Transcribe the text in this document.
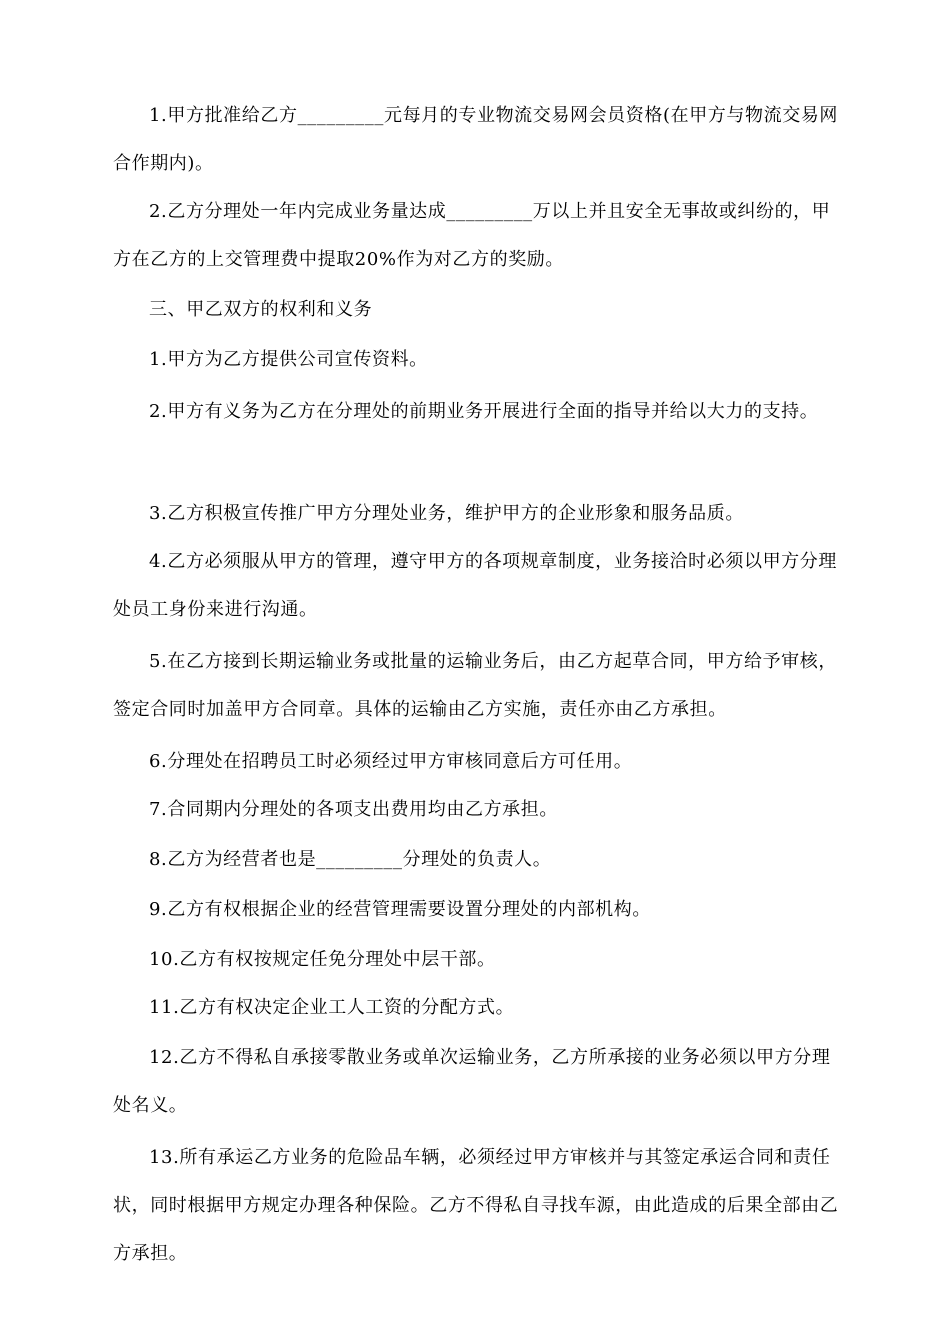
1.甲方批准给乙方_________元每月的专业物流交易网会员资格(在甲方与物流交易网合作期内)。

2.乙方分理处一年内完成业务量达成_________万以上并且安全无事故或纠纷的，甲方在乙方的上交管理费中提取20%作为对乙方的奖励。

三、甲乙双方的权利和义务

1.甲方为乙方提供公司宣传资料。

2.甲方有义务为乙方在分理处的前期业务开展进行全面的指导并给以大力的支持。

3.乙方积极宣传推广甲方分理处业务，维护甲方的企业形象和服务品质。

4.乙方必须服从甲方的管理，遵守甲方的各项规章制度，业务接洽时必须以甲方分理处员工身份来进行沟通。

5.在乙方接到长期运输业务或批量的运输业务后，由乙方起草合同，甲方给予审核，签定合同时加盖甲方合同章。具体的运输由乙方实施，责任亦由乙方承担。

6.分理处在招聘员工时必须经过甲方审核同意后方可任用。

7.合同期内分理处的各项支出费用均由乙方承担。

8.乙方为经营者也是_________分理处的负责人。

9.乙方有权根据企业的经营管理需要设置分理处的内部机构。

10.乙方有权按规定任免分理处中层干部。

11.乙方有权决定企业工人工资的分配方式。

12.乙方不得私自承接零散业务或单次运输业务，乙方所承接的业务必须以甲方分理处名义。

13.所有承运乙方业务的危险品车辆，必须经过甲方审核并与其签定承运合同和责任状，同时根据甲方规定办理各种保险。乙方不得私自寻找车源，由此造成的后果全部由乙方承担。
